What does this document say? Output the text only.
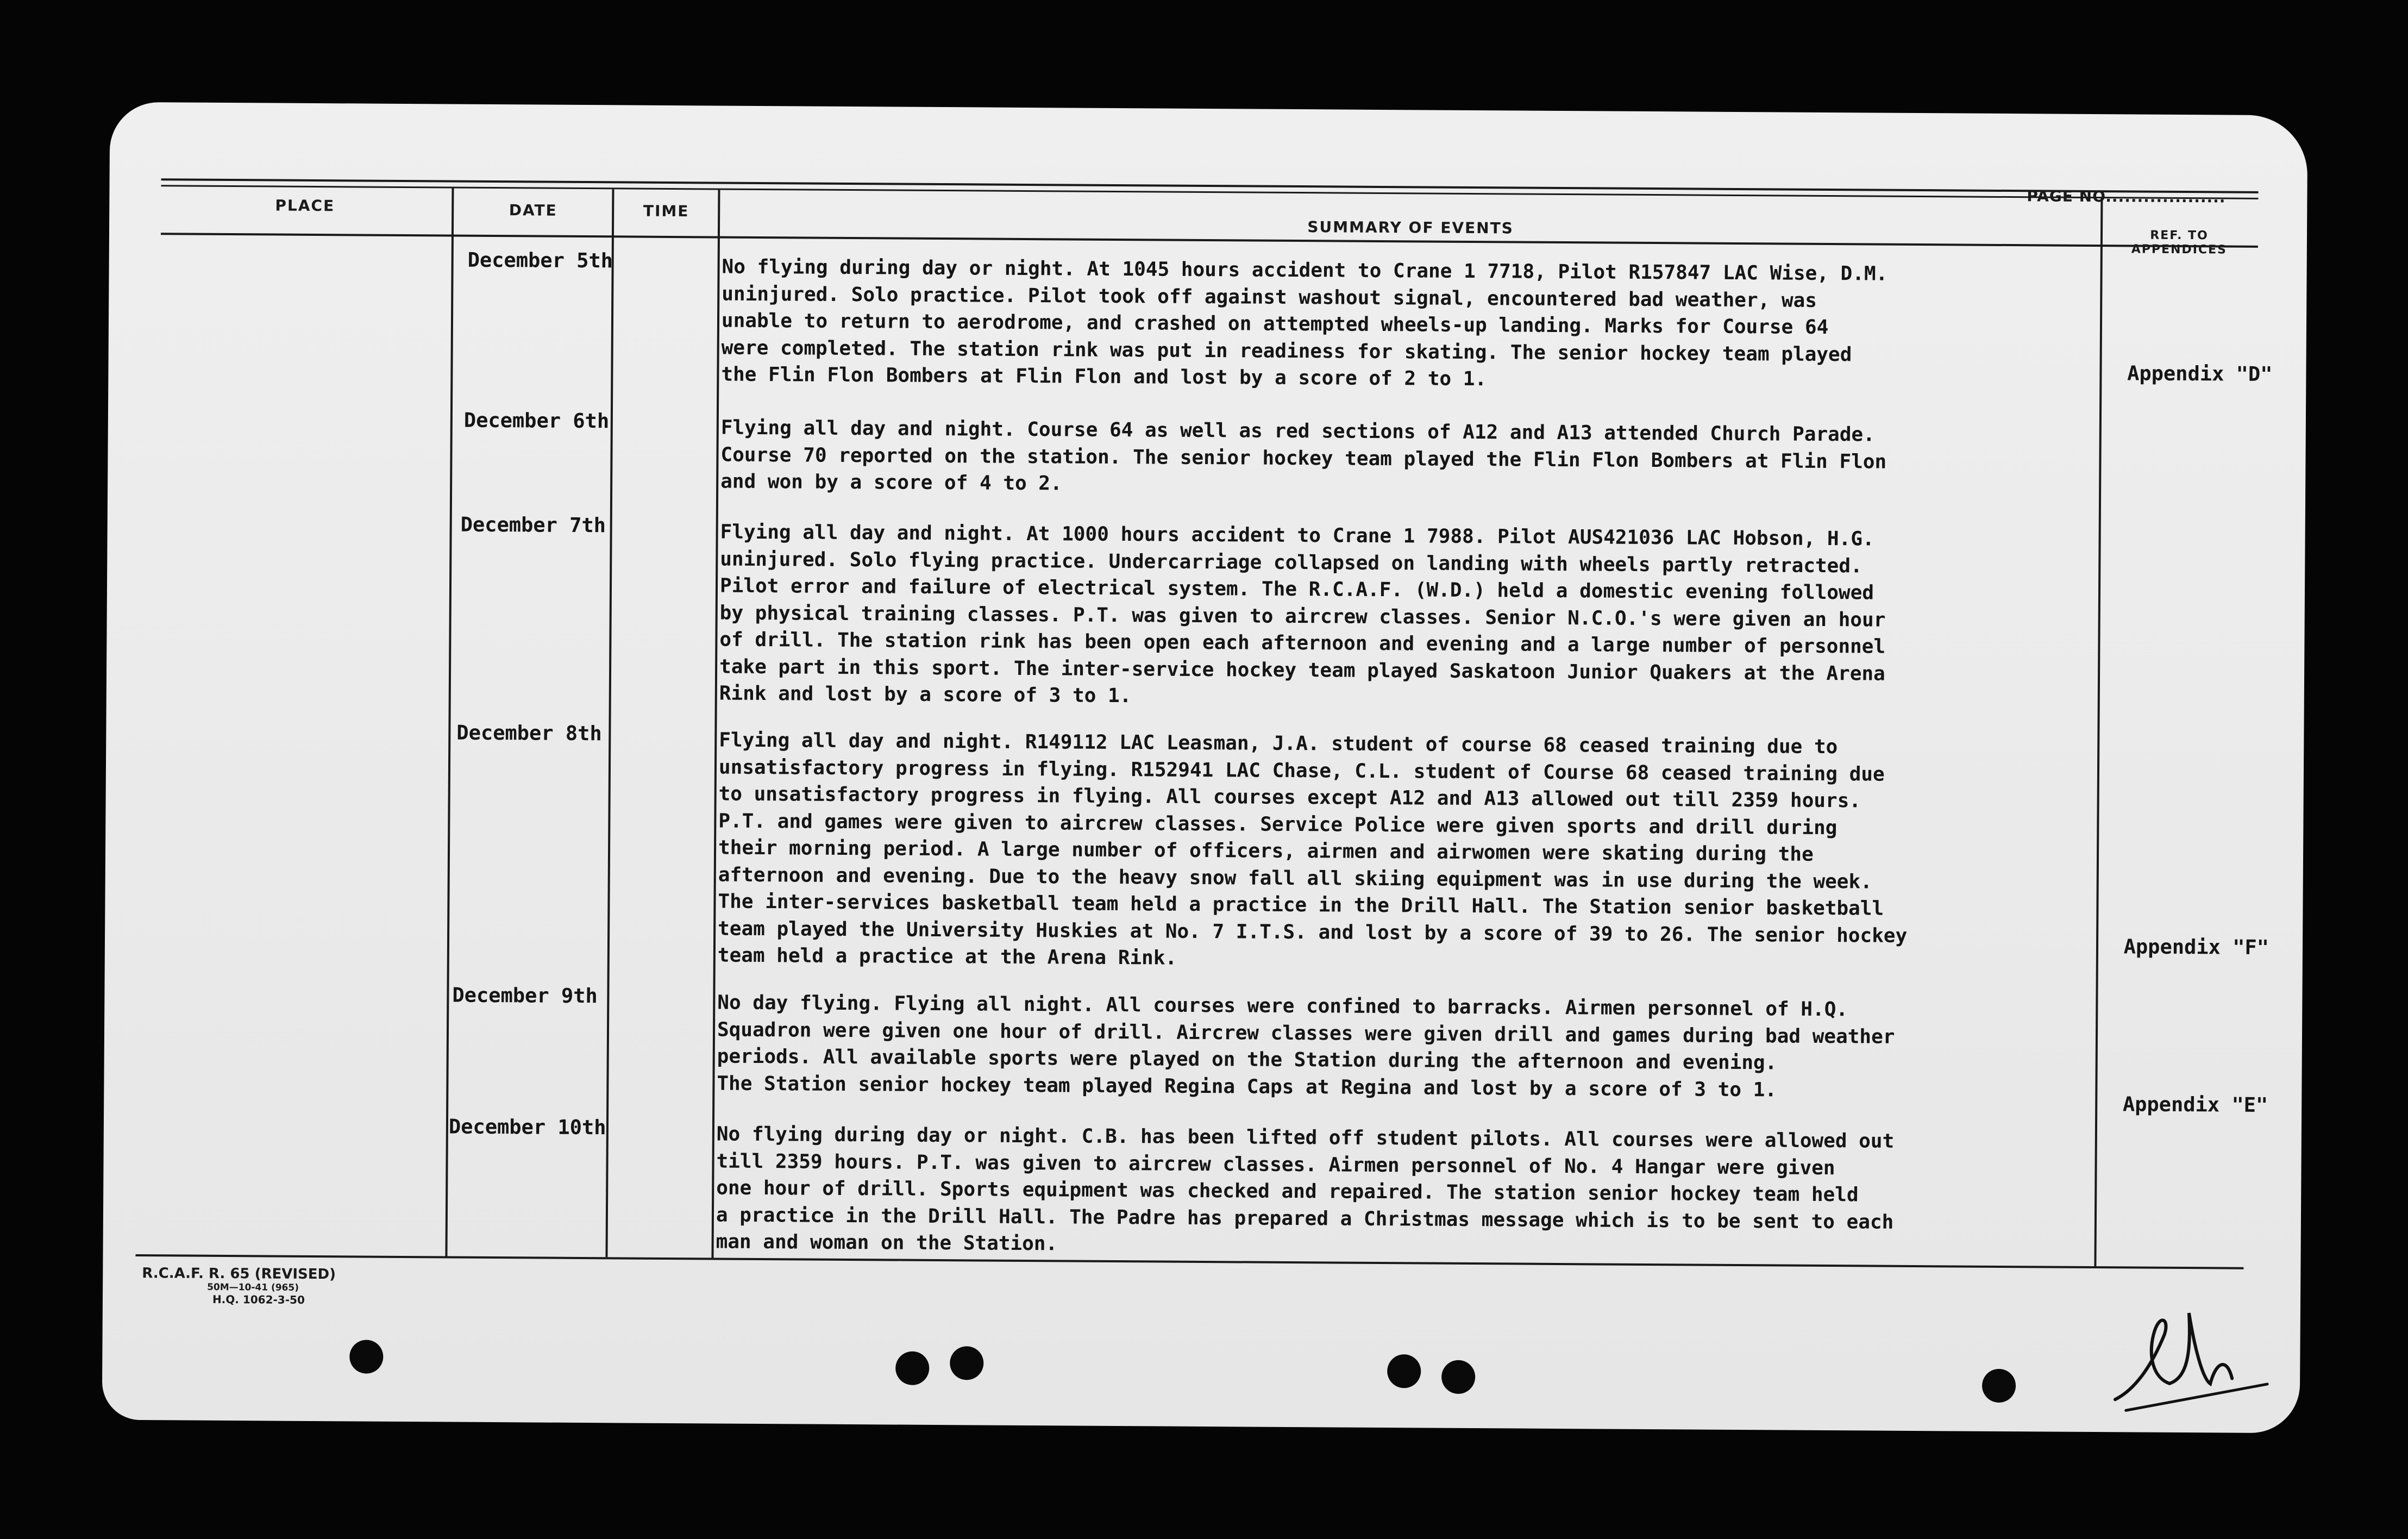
PAGE NO...................
PLACE	DATE	TIME
SUMMARY OF EVENTS	REF. TO APPENDICES
December 5th	No flying during day or night. At 1045 hours accident to Crane 1 7718, Pilot R157847 LAC Wise, D.M.
uninjured. Solo practice. Pilot took off against washout signal, encountered bad weather, was
unable to return to aerodrome, and crashed on attempted wheels-up landing. Marks for Course 64
were completed. The station rink was put in readiness for skating. The senior hockey team played
the Flin Flon Bombers at Flin Flon and lost by a score of 2 to 1.	Appendix "D"
December 6th	Flying all day and night. Course 64 as well as red sections of A12 and A13 attended Church Parade.
Course 70 reported on the station. The senior hockey team played the Flin Flon Bombers at Flin Flon
and won by a score of 4 to 2.
December 7th	Flying all day and night. At 1000 hours accident to Crane 1 7988. Pilot AUS421036 LAC Hobson, H.G.
uninjured. Solo flying practice. Undercarriage collapsed on landing with wheels partly retracted.
Pilot error and failure of electrical system. The R.C.A.F. (W.D.) held a domestic evening followed
by physical training classes. P.T. was given to aircrew classes. Senior N.C.O.'s were given an hour
of drill. The station rink has been open each afternoon and evening and a large number of personnel
take part in this sport. The inter-service hockey team played Saskatoon Junior Quakers at the Arena
Rink and lost by a score of 3 to 1.
December 8th	Flying all day and night. R149112 LAC Leasman, J.A. student of course 68 ceased training due to
unsatisfactory progress in flying. R152941 LAC Chase, C.L. student of Course 68 ceased training due
to unsatisfactory progress in flying. All courses except A12 and A13 allowed out till 2359 hours.
P.T. and games were given to aircrew classes. Service Police were given sports and drill during
their morning period. A large number of officers, airmen and airwomen were skating during the
afternoon and evening. Due to the heavy snow fall all skiing equipment was in use during the week.
The inter-services basketball team held a practice in the Drill Hall. The Station senior basketball
team played the University Huskies at No. 7 I.T.S. and lost by a score of 39 to 26. The senior hockey
team held a practice at the Arena Rink.	Appendix "F"
December 9th	No day flying. Flying all night. All courses were confined to barracks. Airmen personnel of H.Q.
Squadron were given one hour of drill. Aircrew classes were given drill and games during bad weather
periods. All available sports were played on the Station during the afternoon and evening.
The Station senior hockey team played Regina Caps at Regina and lost by a score of 3 to 1.
Appendix "E"
December 10th	No flying during day or night. C.B. has been lifted off student pilots. All courses were allowed out
till 2359 hours. P.T. was given to aircrew classes. Airmen personnel of No. 4 Hangar were given
one hour of drill. Sports equipment was checked and repaired. The station senior hockey team held
a practice in the Drill Hall. The Padre has prepared a Christmas message which is to be sent to each
man and woman on the Station.
R.C.A.F. R. 65 (REVISED)
50M—10-41 (965)
H.Q. 1062-3-50
